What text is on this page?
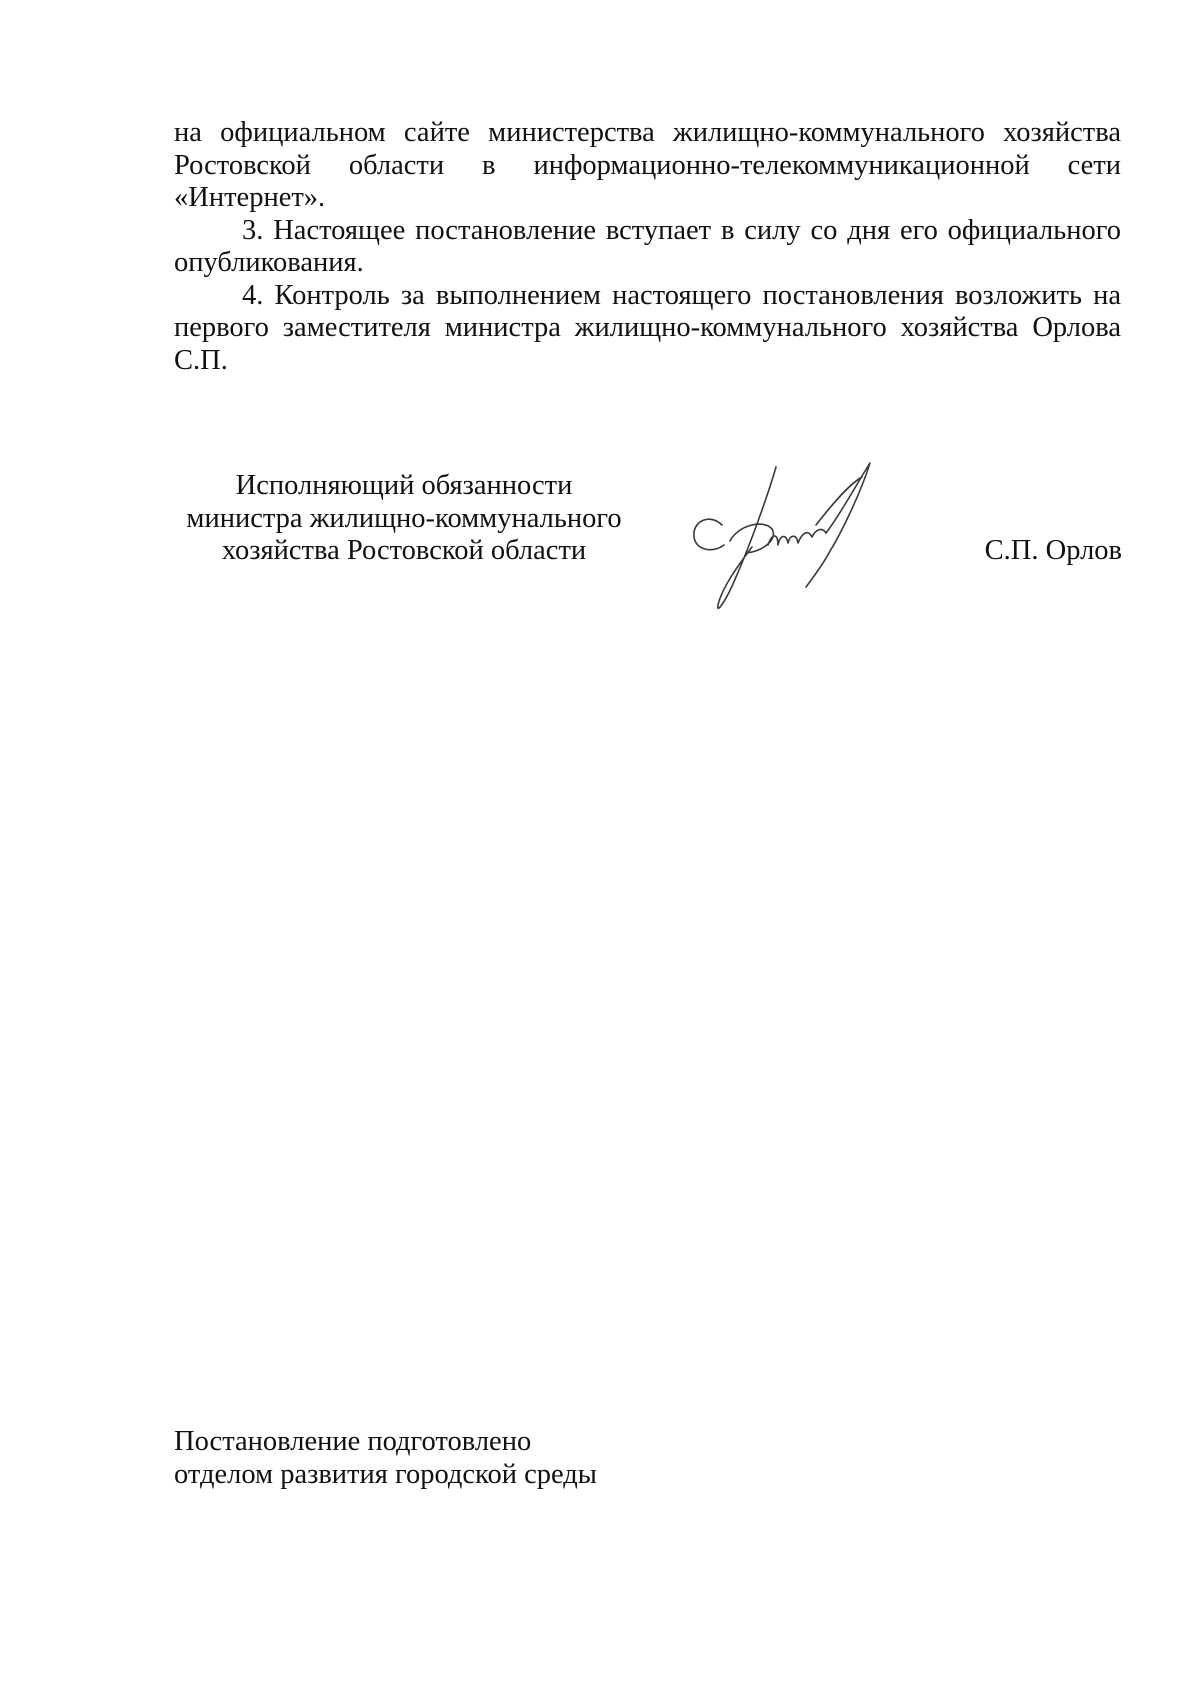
на официальном сайте министерства жилищно-коммунального хозяйства Ростовской области в информационно-телекоммуникационной сети «Интернет».

3. Настоящее постановление вступает в силу со дня его официального опубликования.

4. Контроль за выполнением настоящего постановления возложить на первого заместителя министра жилищно-коммунального хозяйства Орлова С.П.

Исполняющий обязанности
министра жилищно-коммунального
хозяйства Ростовской области	С.П. Орлов
Постановление подготовлено
отделом развития городской среды
